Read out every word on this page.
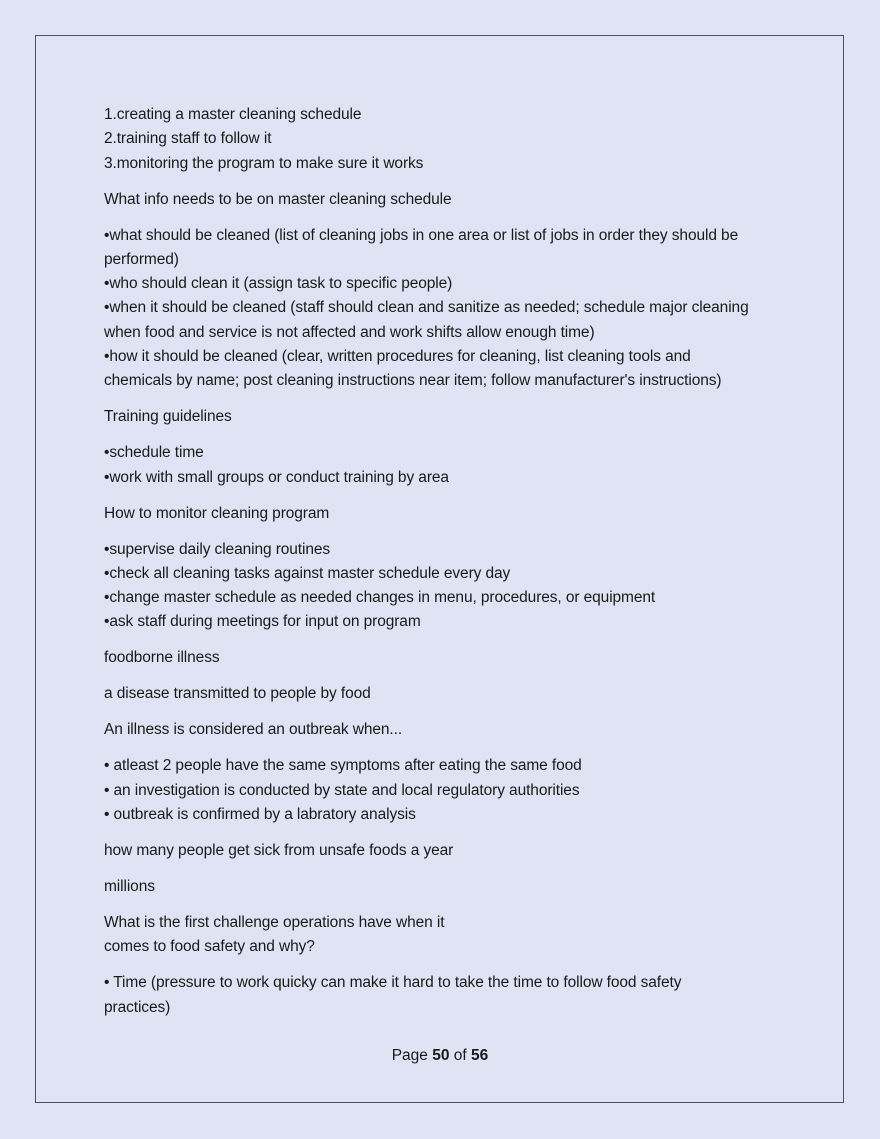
1.creating a master cleaning schedule
2.training staff to follow it
3.monitoring the program to make sure it works
What info needs to be on master cleaning schedule
•what should be cleaned (list of cleaning jobs in one area or list of jobs in order they should be
performed)
•who should clean it (assign task to specific people)
•when it should be cleaned (staff should clean and sanitize as needed; schedule major cleaning
when food and service is not affected and work shifts allow enough time)
•how it should be cleaned (clear, written procedures for cleaning, list cleaning tools and
chemicals by name; post cleaning instructions near item; follow manufacturer's instructions)
Training guidelines
•schedule time
•work with small groups or conduct training by area
How to monitor cleaning program
•supervise daily cleaning routines
•check all cleaning tasks against master schedule every day
•change master schedule as needed changes in menu, procedures, or equipment
•ask staff during meetings for input on program
foodborne illness
a disease transmitted to people by food
An illness is considered an outbreak when...
• atleast 2 people have the same symptoms after eating the same food
• an investigation is conducted by state and local regulatory authorities
• outbreak is confirmed by a labratory analysis
how many people get sick from unsafe foods a year
millions
What is the first challenge operations have when it
comes to food safety and why?
• Time (pressure to work quicky can make it hard to take the time to follow food safety
practices)
Page 50 of 56
